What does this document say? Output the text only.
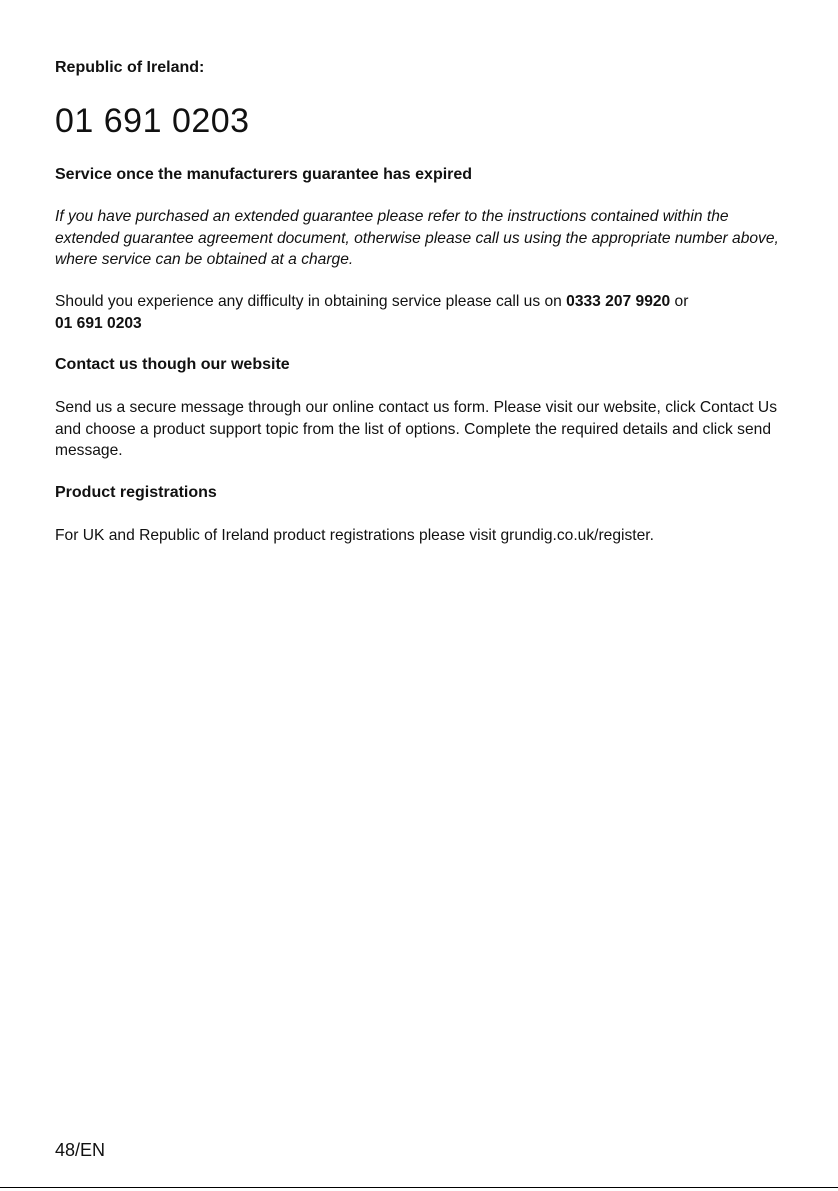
Republic of Ireland:
01 691 0203
Service once the manufacturers guarantee has expired

If you have purchased an extended guarantee please refer to the instructions contained within the extended guarantee agreement document, otherwise please call us using the appropriate number above, where service can be obtained at a charge.

Should you experience any difficulty in obtaining service please call us on 0333 207 9920 or
01 691 0203

Contact us though our website

Send us a secure message through our online contact us form. Please visit our website, click Contact Us and choose a product support topic from the list of options. Complete the required details and click send message.

Product registrations

For UK and Republic of Ireland product registrations please visit grundig.co.uk/register.

48/EN
